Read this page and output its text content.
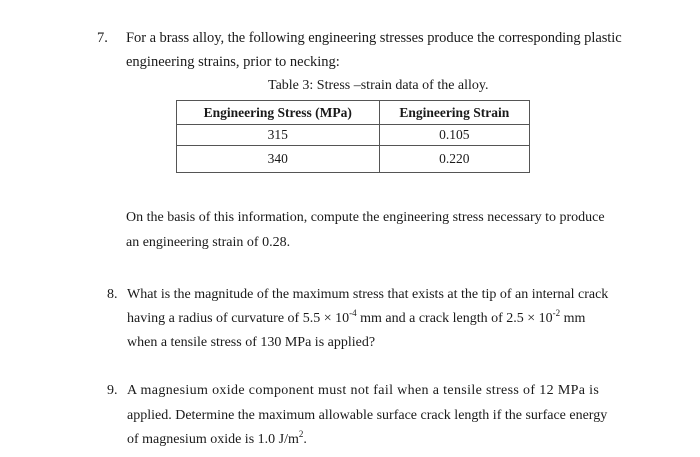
7. For a brass alloy, the following engineering stresses produce the corresponding plastic
engineering strains, prior to necking:
Table 3: Stress –strain data of the alloy.
Engineering Stress (MPa)	Engineering Strain
315	0.105
340	0.220
On the basis of this information, compute the engineering stress necessary to produce
an engineering strain of 0.28.
8. What is the magnitude of the maximum stress that exists at the tip of an internal crack
having a radius of curvature of $5.5 \times 10^{-4}$ mm and a crack length of $2.5 \times 10^{-2}$ mm
when a tensile stress of 130 MPa is applied?
9. A magnesium oxide component must not fail when a tensile stress of 12 MPa is
applied. Determine the maximum allowable surface crack length if the surface energy
of magnesium oxide is 1.0 $J/m^2$.
